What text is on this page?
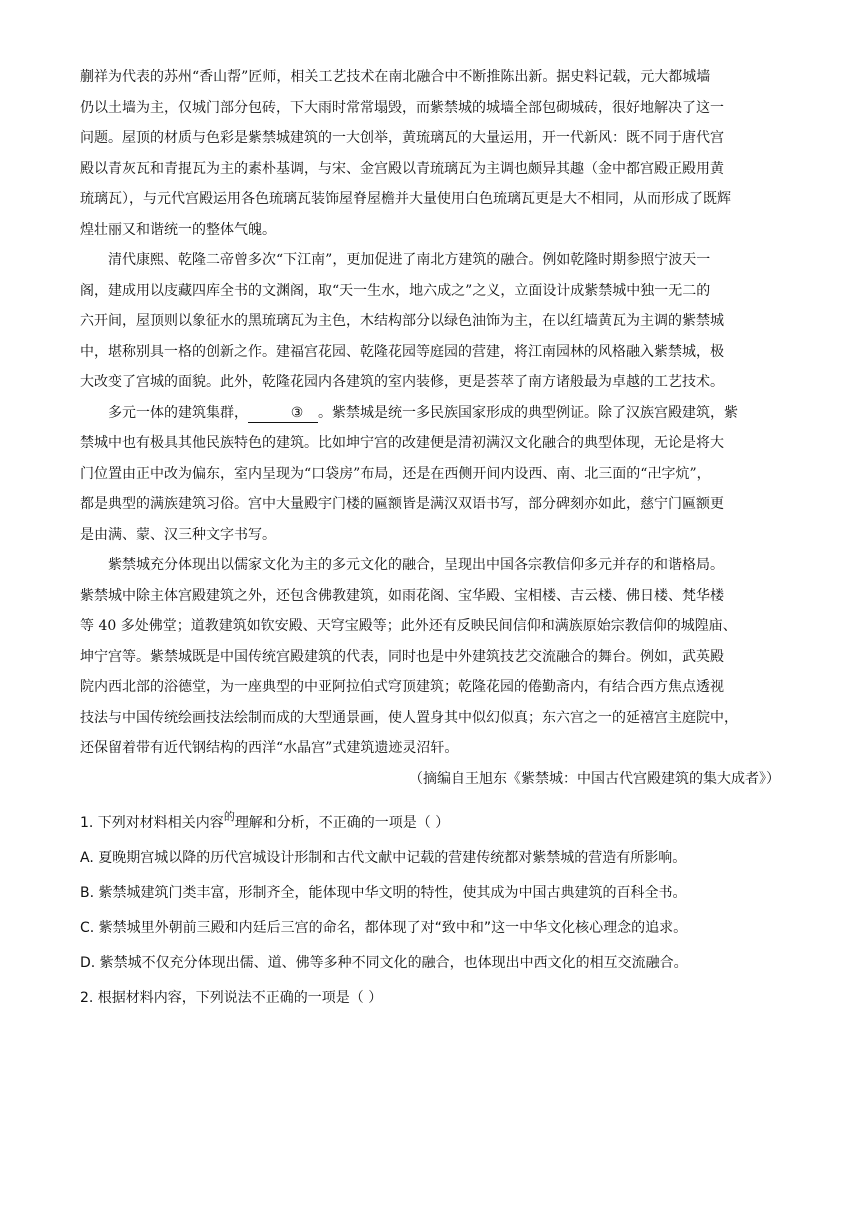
蒯祥为代表的苏州“香山帮”匠师，相关工艺技术在南北融合中不断推陈出新。据史料记载，元大都城墙
仍以土墙为主，仅城门部分包砖，下大雨时常常塌毁，而紫禁城的城墙全部包砌城砖，很好地解决了这一
问题。屋顶的材质与色彩是紫禁城建筑的一大创举，黄琉璃瓦的大量运用，开一代新风：既不同于唐代宫
殿以青灰瓦和青掍瓦为主的素朴基调，与宋、金宫殿以青琉璃瓦为主调也颇异其趣（金中都宫殿正殿用黄
琉璃瓦），与元代宫殿运用各色琉璃瓦装饰屋脊屋檐并大量使用白色琉璃瓦更是大不相同，从而形成了既辉
煌壮丽又和谐统一的整体气魄。

清代康熙、乾隆二帝曾多次“下江南”，更加促进了南北方建筑的融合。例如乾隆时期参照宁波天一
阁，建成用以庋藏四库全书的文渊阁，取“天一生水，地六成之”之义，立面设计成紫禁城中独一无二的
六开间，屋顶则以象征水的黑琉璃瓦为主色，木结构部分以绿色油饰为主，在以红墙黄瓦为主调的紫禁城
中，堪称别具一格的创新之作。建福宫花园、乾隆花园等庭园的营建，将江南园林的风格融入紫禁城，极
大改变了宫城的面貌。此外，乾隆花园内各建筑的室内装修，更是荟萃了南方诸般最为卓越的工艺技术。

多元一体的建筑集群，	③ 。紫禁城是统一多民族国家形成的典型例证。除了汉族宫殿建筑，紫
禁城中也有极具其他民族特色的建筑。比如坤宁宫的改建便是清初满汉文化融合的典型体现，无论是将大
门位置由正中改为偏东，室内呈现为“口袋房”布局，还是在西侧开间内设西、南、北三面的“卍字炕”，
都是典型的满族建筑习俗。宫中大量殿宇门楼的匾额皆是满汉双语书写，部分碑刻亦如此，慈宁门匾额更
是由满、蒙、汉三种文字书写。

紫禁城充分体现出以儒家文化为主的多元文化的融合，呈现出中国各宗教信仰多元并存的和谐格局。
紫禁城中除主体宫殿建筑之外，还包含佛教建筑，如雨花阁、宝华殿、宝相楼、吉云楼、佛日楼、梵华楼
等 40 多处佛堂；道教建筑如钦安殿、天穹宝殿等；此外还有反映民间信仰和满族原始宗教信仰的城隍庙、
坤宁宫等。紫禁城既是中国传统宫殿建筑的代表，同时也是中外建筑技艺交流融合的舞台。例如，武英殿
院内西北部的浴德堂，为一座典型的中亚阿拉伯式穹顶建筑；乾隆花园的倦勤斋内，有结合西方焦点透视
技法与中国传统绘画技法绘制而成的大型通景画，使人置身其中似幻似真；东六宫之一的延禧宫主庭院中，
还保留着带有近代钢结构的西洋“水晶宫”式建筑遗迹灵沼轩。

（摘编自王旭东《紫禁城：中国古代宫殿建筑的集大成者》）

1. 下列对材料相关内容$^的$理解和分析，不正确的一项是（ ）

A. 夏晚期宫城以降的历代宫城设计形制和古代文献中记载的营建传统都对紫禁城的营造有所影响。

B. 紫禁城建筑门类丰富，形制齐全，能体现中华文明的特性，使其成为中国古典建筑的百科全书。

C. 紫禁城里外朝前三殿和内廷后三宫的命名，都体现了对“致中和”这一中华文化核心理念的追求。

D. 紫禁城不仅充分体现出儒、道、佛等多种不同文化的融合，也体现出中西文化的相互交流融合。

2. 根据材料内容，下列说法不正确的一项是（ ）
